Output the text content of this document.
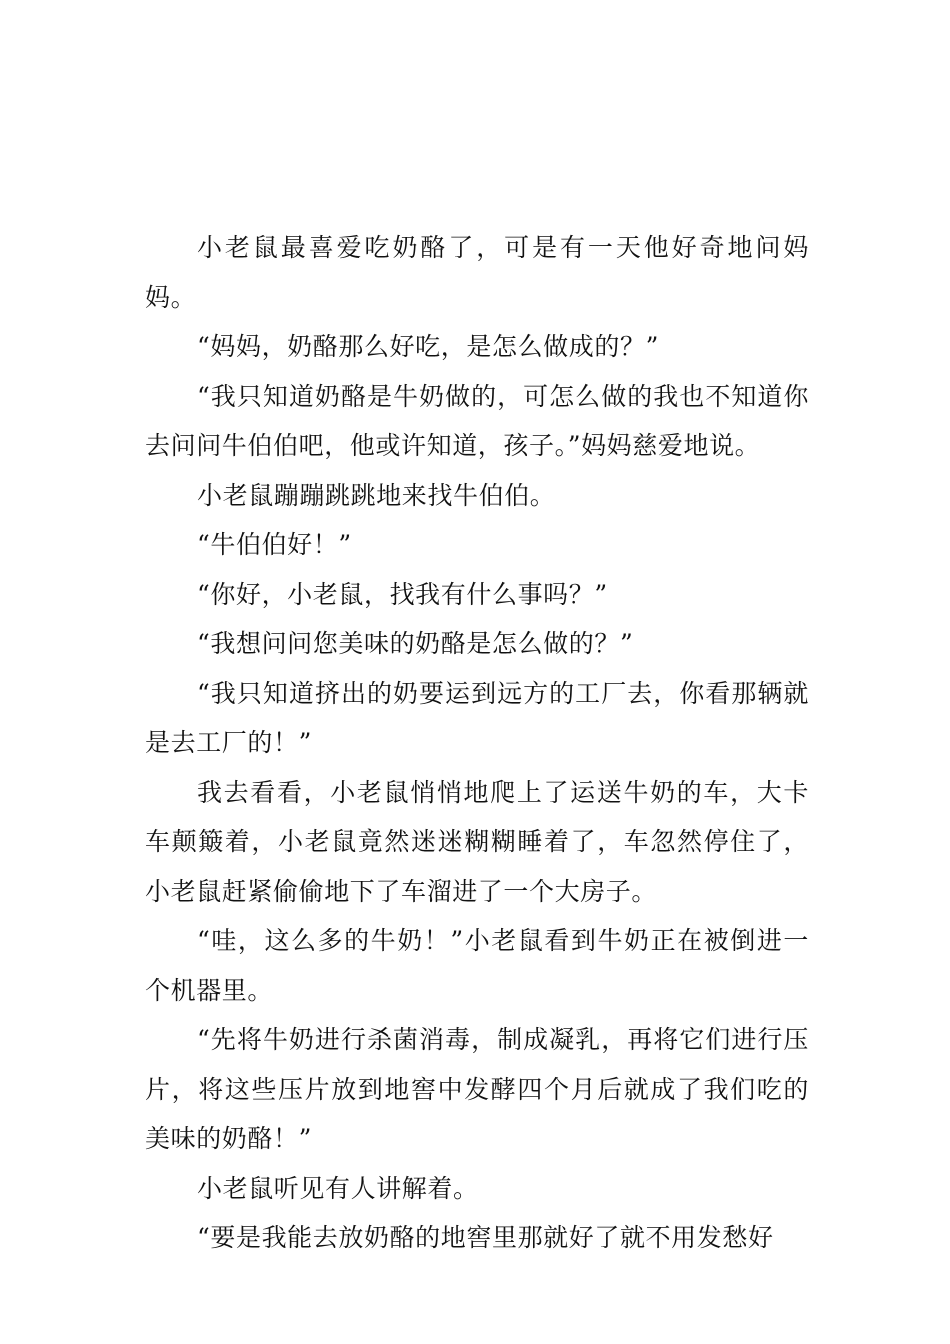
小老鼠最喜爱吃奶酪了，可是有一天他好奇地问妈妈。

“妈妈，奶酪那么好吃，是怎么做成的？”

“我只知道奶酪是牛奶做的，可怎么做的我也不知道你去问问牛伯伯吧，他或许知道，孩子。”妈妈慈爱地说。

小老鼠蹦蹦跳跳地来找牛伯伯。

“牛伯伯好！”

“你好，小老鼠，找我有什么事吗？”

“我想问问您美味的奶酪是怎么做的？”

“我只知道挤出的奶要运到远方的工厂去，你看那辆就是去工厂的！”

我去看看，小老鼠悄悄地爬上了运送牛奶的车，大卡车颠簸着，小老鼠竟然迷迷糊糊睡着了，车忽然停住了，小老鼠赶紧偷偷地下了车溜进了一个大房子。

“哇，这么多的牛奶！”小老鼠看到牛奶正在被倒进一个机器里。

“先将牛奶进行杀菌消毒，制成凝乳，再将它们进行压片，将这些压片放到地窖中发酵四个月后就成了我们吃的美味的奶酪！”

小老鼠听见有人讲解着。

“要是我能去放奶酪的地窖里那就好了就不用发愁好
